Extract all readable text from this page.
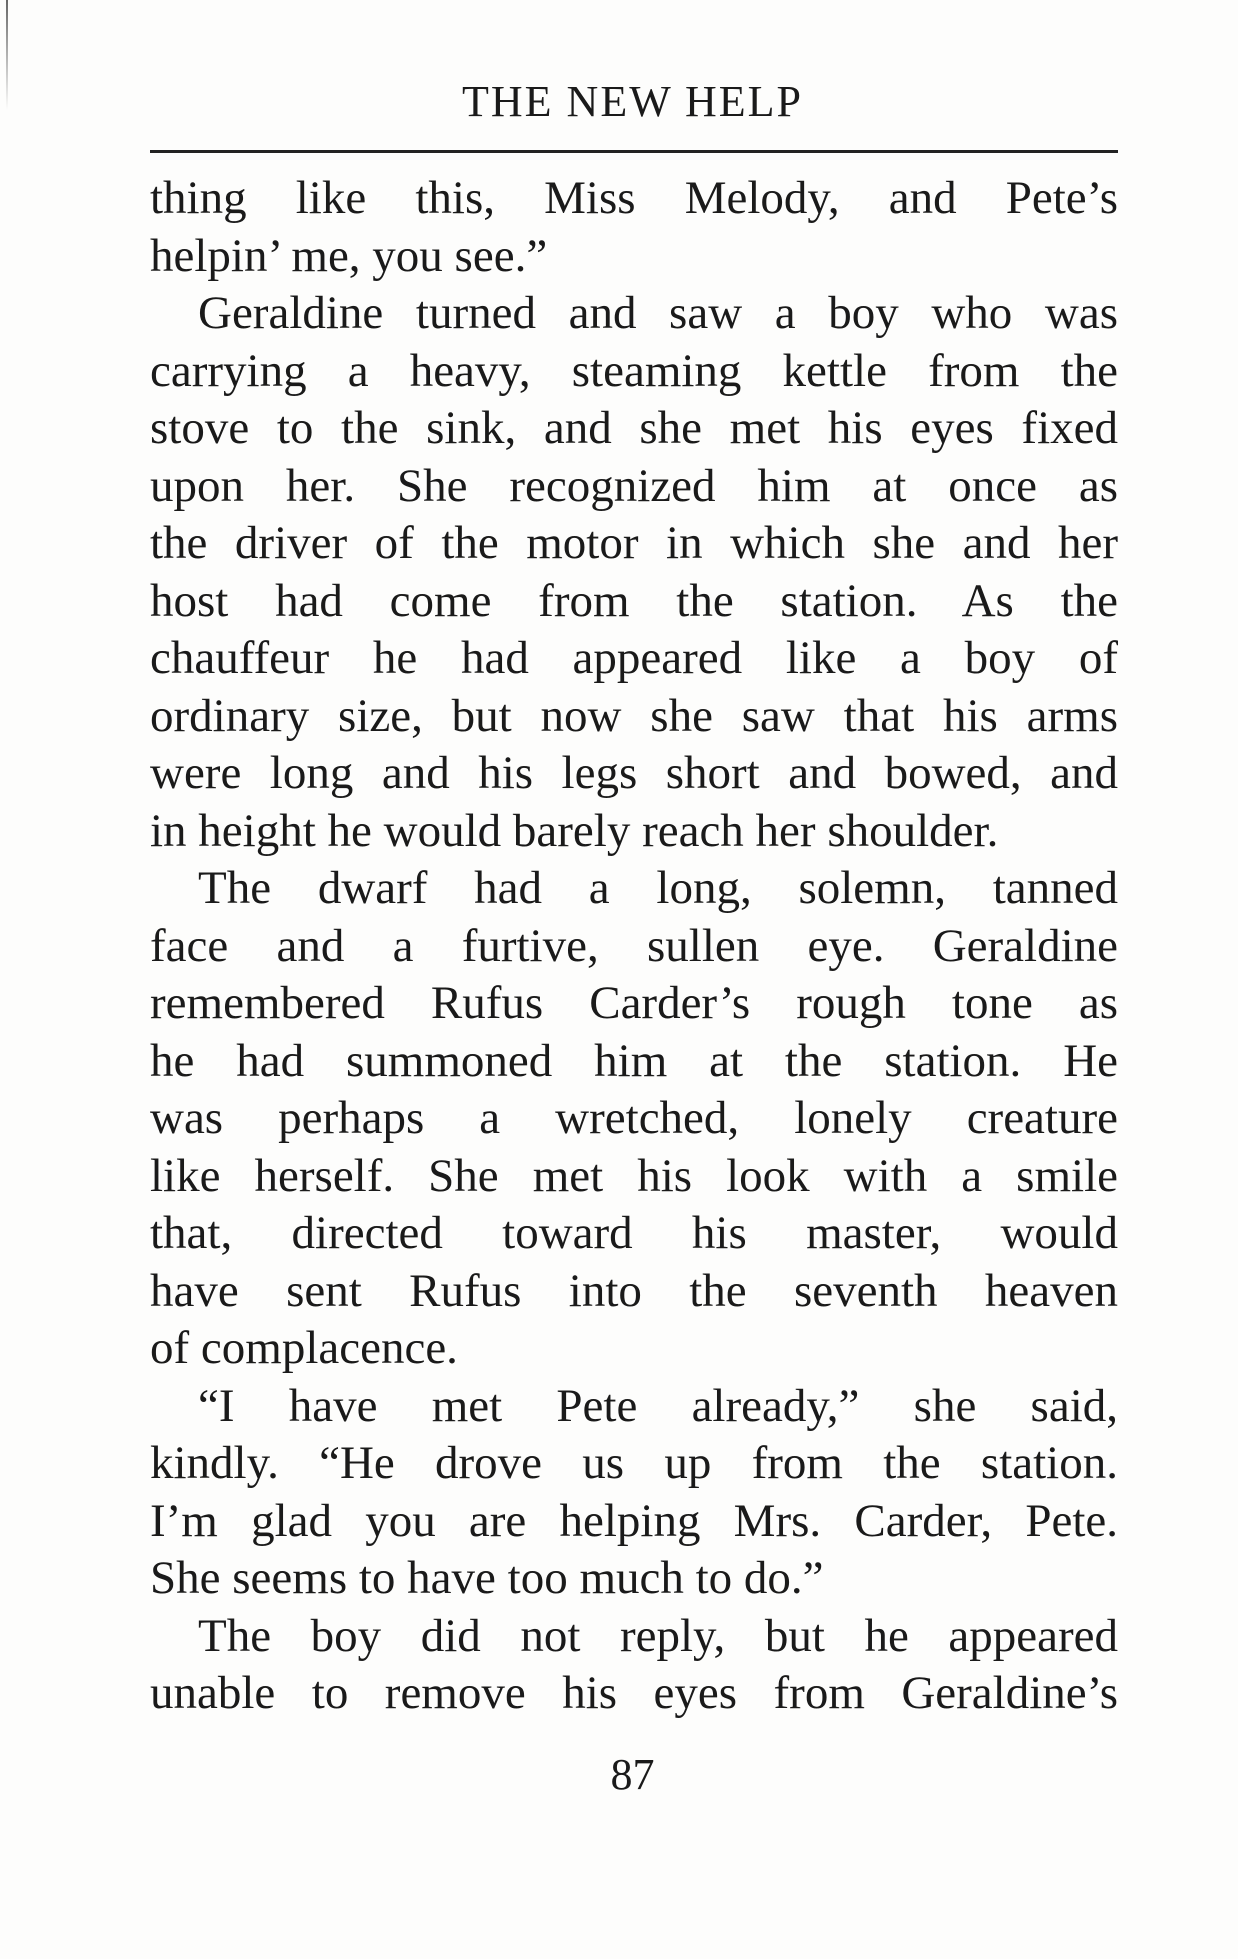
THE NEW HELP
thing like this, Miss Melody, and Pete’s
helpin’ me, you see.”
Geraldine turned and saw a boy who was
carrying a heavy, steaming kettle from the
stove to the sink, and she met his eyes fixed
upon her. She recognized him at once as
the driver of the motor in which she and her
host had come from the station. As the
chauffeur he had appeared like a boy of
ordinary size, but now she saw that his arms
were long and his legs short and bowed, and
in height he would barely reach her shoulder.
The dwarf had a long, solemn, tanned
face and a furtive, sullen eye. Geraldine
remembered Rufus Carder’s rough tone as
he had summoned him at the station. He
was perhaps a wretched, lonely creature
like herself. She met his look with a smile
that, directed toward his master, would
have sent Rufus into the seventh heaven
of complacence.
“I have met Pete already,” she said,
kindly. “He drove us up from the station.
I’m glad you are helping Mrs. Carder, Pete.
She seems to have too much to do.”
The boy did not reply, but he appeared
unable to remove his eyes from Geraldine’s
87
